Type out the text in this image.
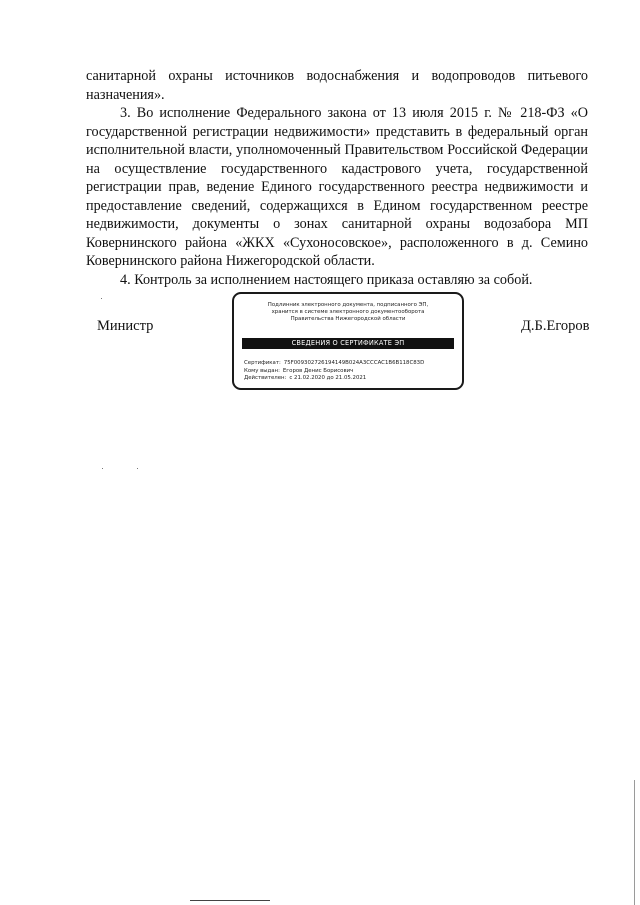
санитарной охраны источников водоснабжения и водопроводов питьевого назначения».

3. Во исполнение Федерального закона от 13 июля 2015 г. № 218-ФЗ «О государственной регистрации недвижимости» представить в федеральный орган исполнительной власти, уполномоченный Правительством Российской Федерации на осуществление государственного кадастрового учета, государственной регистрации прав, ведение Единого государственного реестра недвижимости и предоставление сведений, содержащихся в Едином государственном реестре недвижимости, документы о зонах санитарной охраны водозабора МП Ковернинского района «ЖКХ «Сухоносовское», расположенного в д. Семино Ковернинского района Нижегородской области.

4. Контроль за исполнением настоящего приказа оставляю за собой.

Министр
Подлинник электронного документа, подписанного ЭП,
хранится в системе электронного документооборота
Правительства Нижегородской области
СВЕДЕНИЯ О СЕРТИФИКАТЕ ЭП
Сертификат: 75F009302726194149B024A3CCCAC1B6B118C83D
Кому выдан: Егоров Денис Борисович
Действителен: с 21.02.2020 до 21.05.2021
Д.Б.Егоров
